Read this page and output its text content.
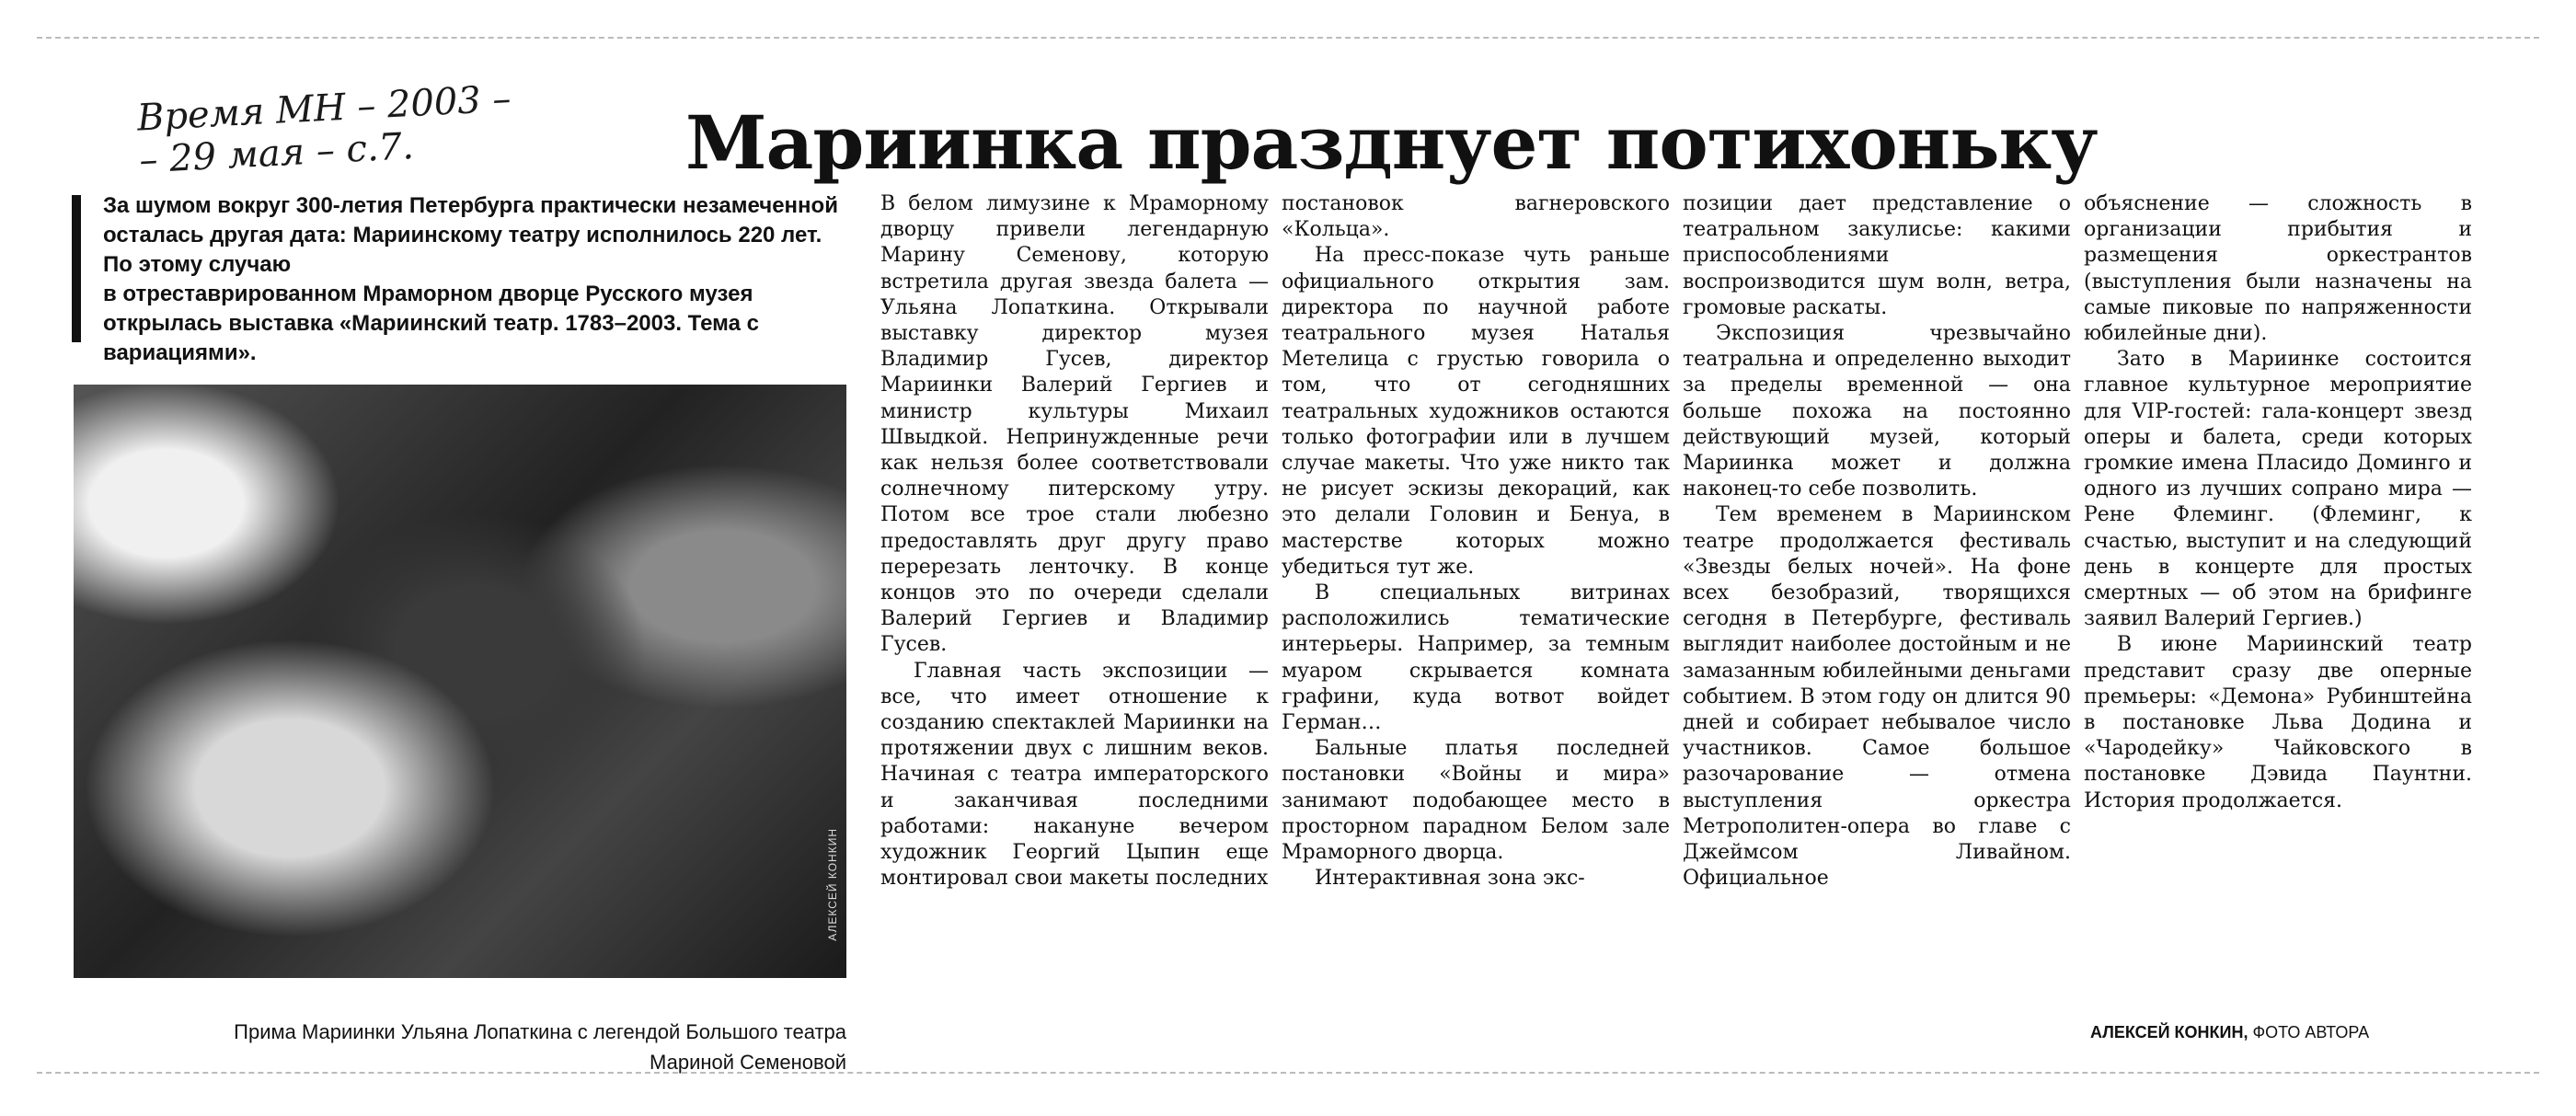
Время МН – 2003 –
– 29 мая – с.7.	Мариинка празднует потихоньку

За шумом вокруг 300-летия Петербурга практически незамеченной осталась другая дата: Мариинскому театру исполнилось 220 лет. По этому случаю

в отреставрированном Мраморном дворце Русского музея открылась выставка «Мариинский театр. 1783–2003. Тема с вариациями».

АЛЕКСЕЙ КОНКИН
Прима Мариинки Ульяна Лопаткина с легендой Большого театра
Мариной Семеновой

В белом лимузине к Мраморному дворцу привели легендарную Марину Семенову, которую встретила другая звезда балета — Ульяна Лопаткина. Открывали выставку директор музея Владимир Гусев, директор Мариинки Валерий Гергиев и министр культуры Михаил Швыдкой. Непринужденные речи как нельзя более соответствовали солнечному питерскому утру. Потом все трое стали любезно предоставлять друг другу право перерезать ленточку. В конце концов это по очереди сделали Валерий Гергиев и Владимир Гусев.

Главная часть экспозиции — все, что имеет отношение к созданию спектаклей Мариинки на протяжении двух с лишним веков. Начиная с театра императорского и заканчивая последними работами: накануне вечером художник Георгий Цыпин еще монтировал свои макеты последних

постановок вагнеровского «Кольца».

На пресс-показе чуть раньше официального открытия зам. директора по научной работе театрального музея Наталья Метелица с грустью говорила о том, что от сегодняшних театральных художников остаются только фотографии или в лучшем случае макеты. Что уже никто так не рисует эскизы декораций, как это делали Головин и Бенуа, в мастерстве которых можно убедиться тут же.

В специальных витринах расположились тематические интерьеры. Например, за темным муаром скрывается комната графини, куда вотвот войдет Герман…

Бальные платья последней постановки «Войны и мира» занимают подобающее место в просторном парадном Белом зале Мраморного дворца.

Интерактивная зона экс-

позиции дает представление о театральном закулисье: какими приспособлениями воспроизводится шум волн, ветра, громовые раскаты.

Экспозиция чрезвычайно театральна и определенно выходит за пределы временной — она больше похожа на постоянно действующий музей, который Мариинка может и должна наконец-то себе позволить.

Тем временем в Мариинском театре продолжается фестиваль «Звезды белых ночей». На фоне всех безобразий, творящихся сегодня в Петербурге, фестиваль выглядит наиболее достойным и не замазанным юбилейными деньгами событием. В этом году он длится 90 дней и собирает небывалое число участников. Самое большое разочарование — отмена выступления оркестра Метрополитен-опера во главе с Джеймсом Ливайном. Официальное

объяснение — сложность в организации прибытия и размещения оркестрантов (выступления были назначены на самые пиковые по напряженности юбилейные дни).

Зато в Мариинке состоится главное культурное мероприятие для VIP-гостей: гала-концерт звезд оперы и балета, среди которых громкие имена Пласидо Доминго и одного из лучших сопрано мира — Рене Флеминг. (Флеминг, к счастью, выступит и на следующий день в концерте для простых смертных — об этом на брифинге заявил Валерий Гергиев.)

В июне Мариинский театр представит сразу две оперные премьеры: «Демона» Рубинштейна в постановке Льва Додина и «Чародейку» Чайковского в постановке Дэвида Паунтни. История продолжается.

АЛЕКСЕЙ КОНКИН, ФОТО АВТОРА
